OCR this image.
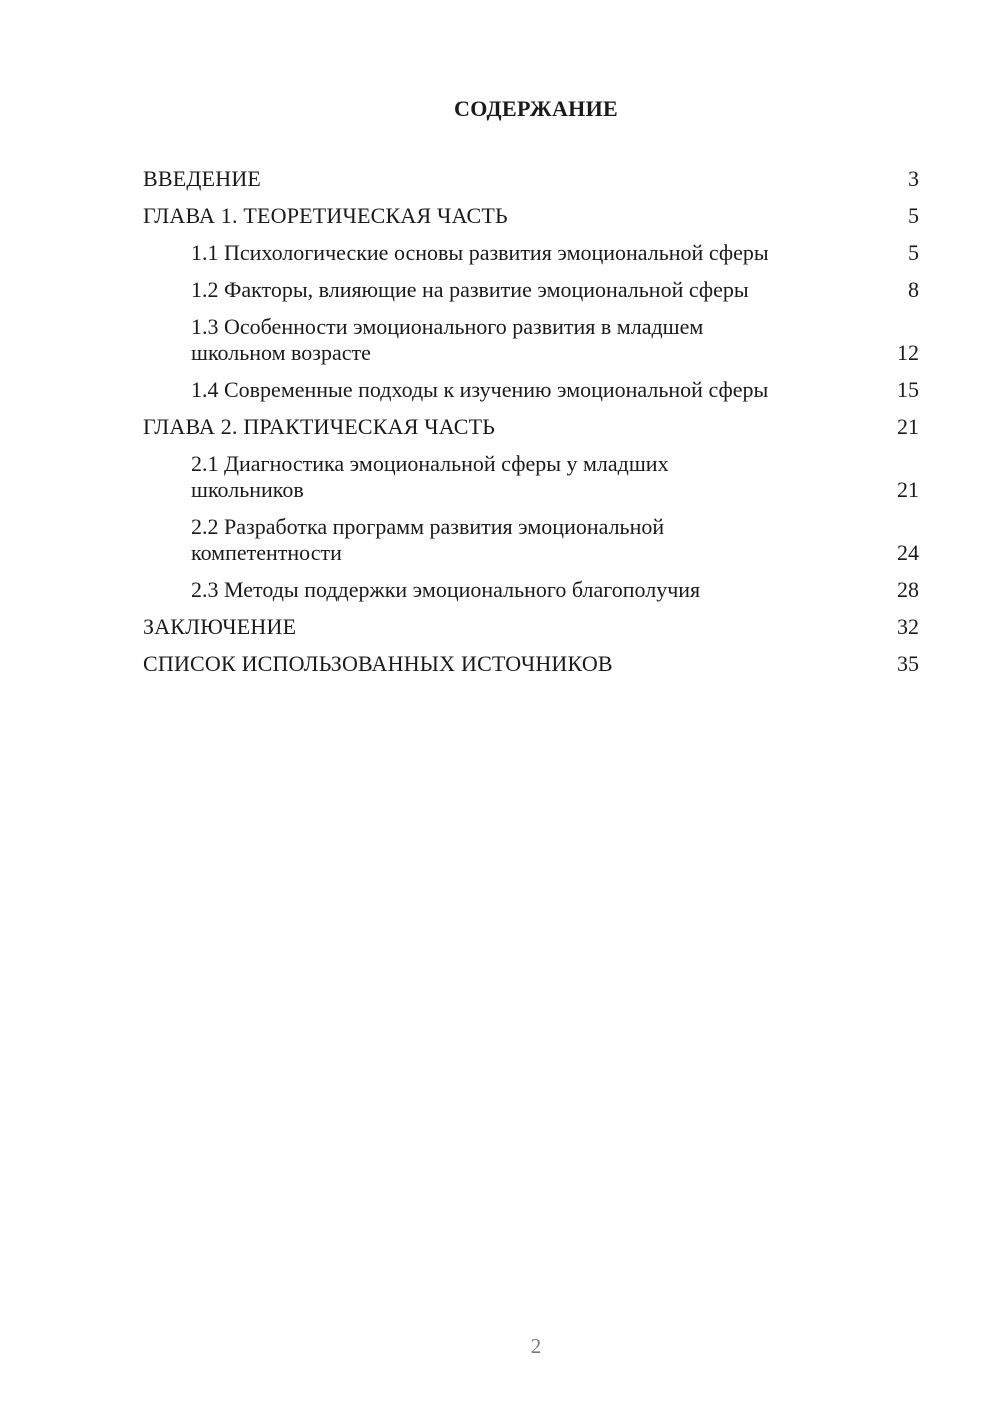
СОДЕРЖАНИЕ
ВВЕДЕНИЕ	3
ГЛАВА 1. ТЕОРЕТИЧЕСКАЯ ЧАСТЬ	5
1.1 Психологические основы развития эмоциональной сферы	5
1.2 Факторы, влияющие на развитие эмоциональной сферы	8
1.3 Особенности эмоционального развития в младшем школьном возрасте	12
1.4 Современные подходы к изучению эмоциональной сферы	15
ГЛАВА 2. ПРАКТИЧЕСКАЯ ЧАСТЬ	21
2.1 Диагностика эмоциональной сферы у младших школьников	21
2.2 Разработка программ развития эмоциональной компетентности	24
2.3 Методы поддержки эмоционального благополучия	28
ЗАКЛЮЧЕНИЕ	32
СПИСОК ИСПОЛЬЗОВАННЫХ ИСТОЧНИКОВ	35
2
